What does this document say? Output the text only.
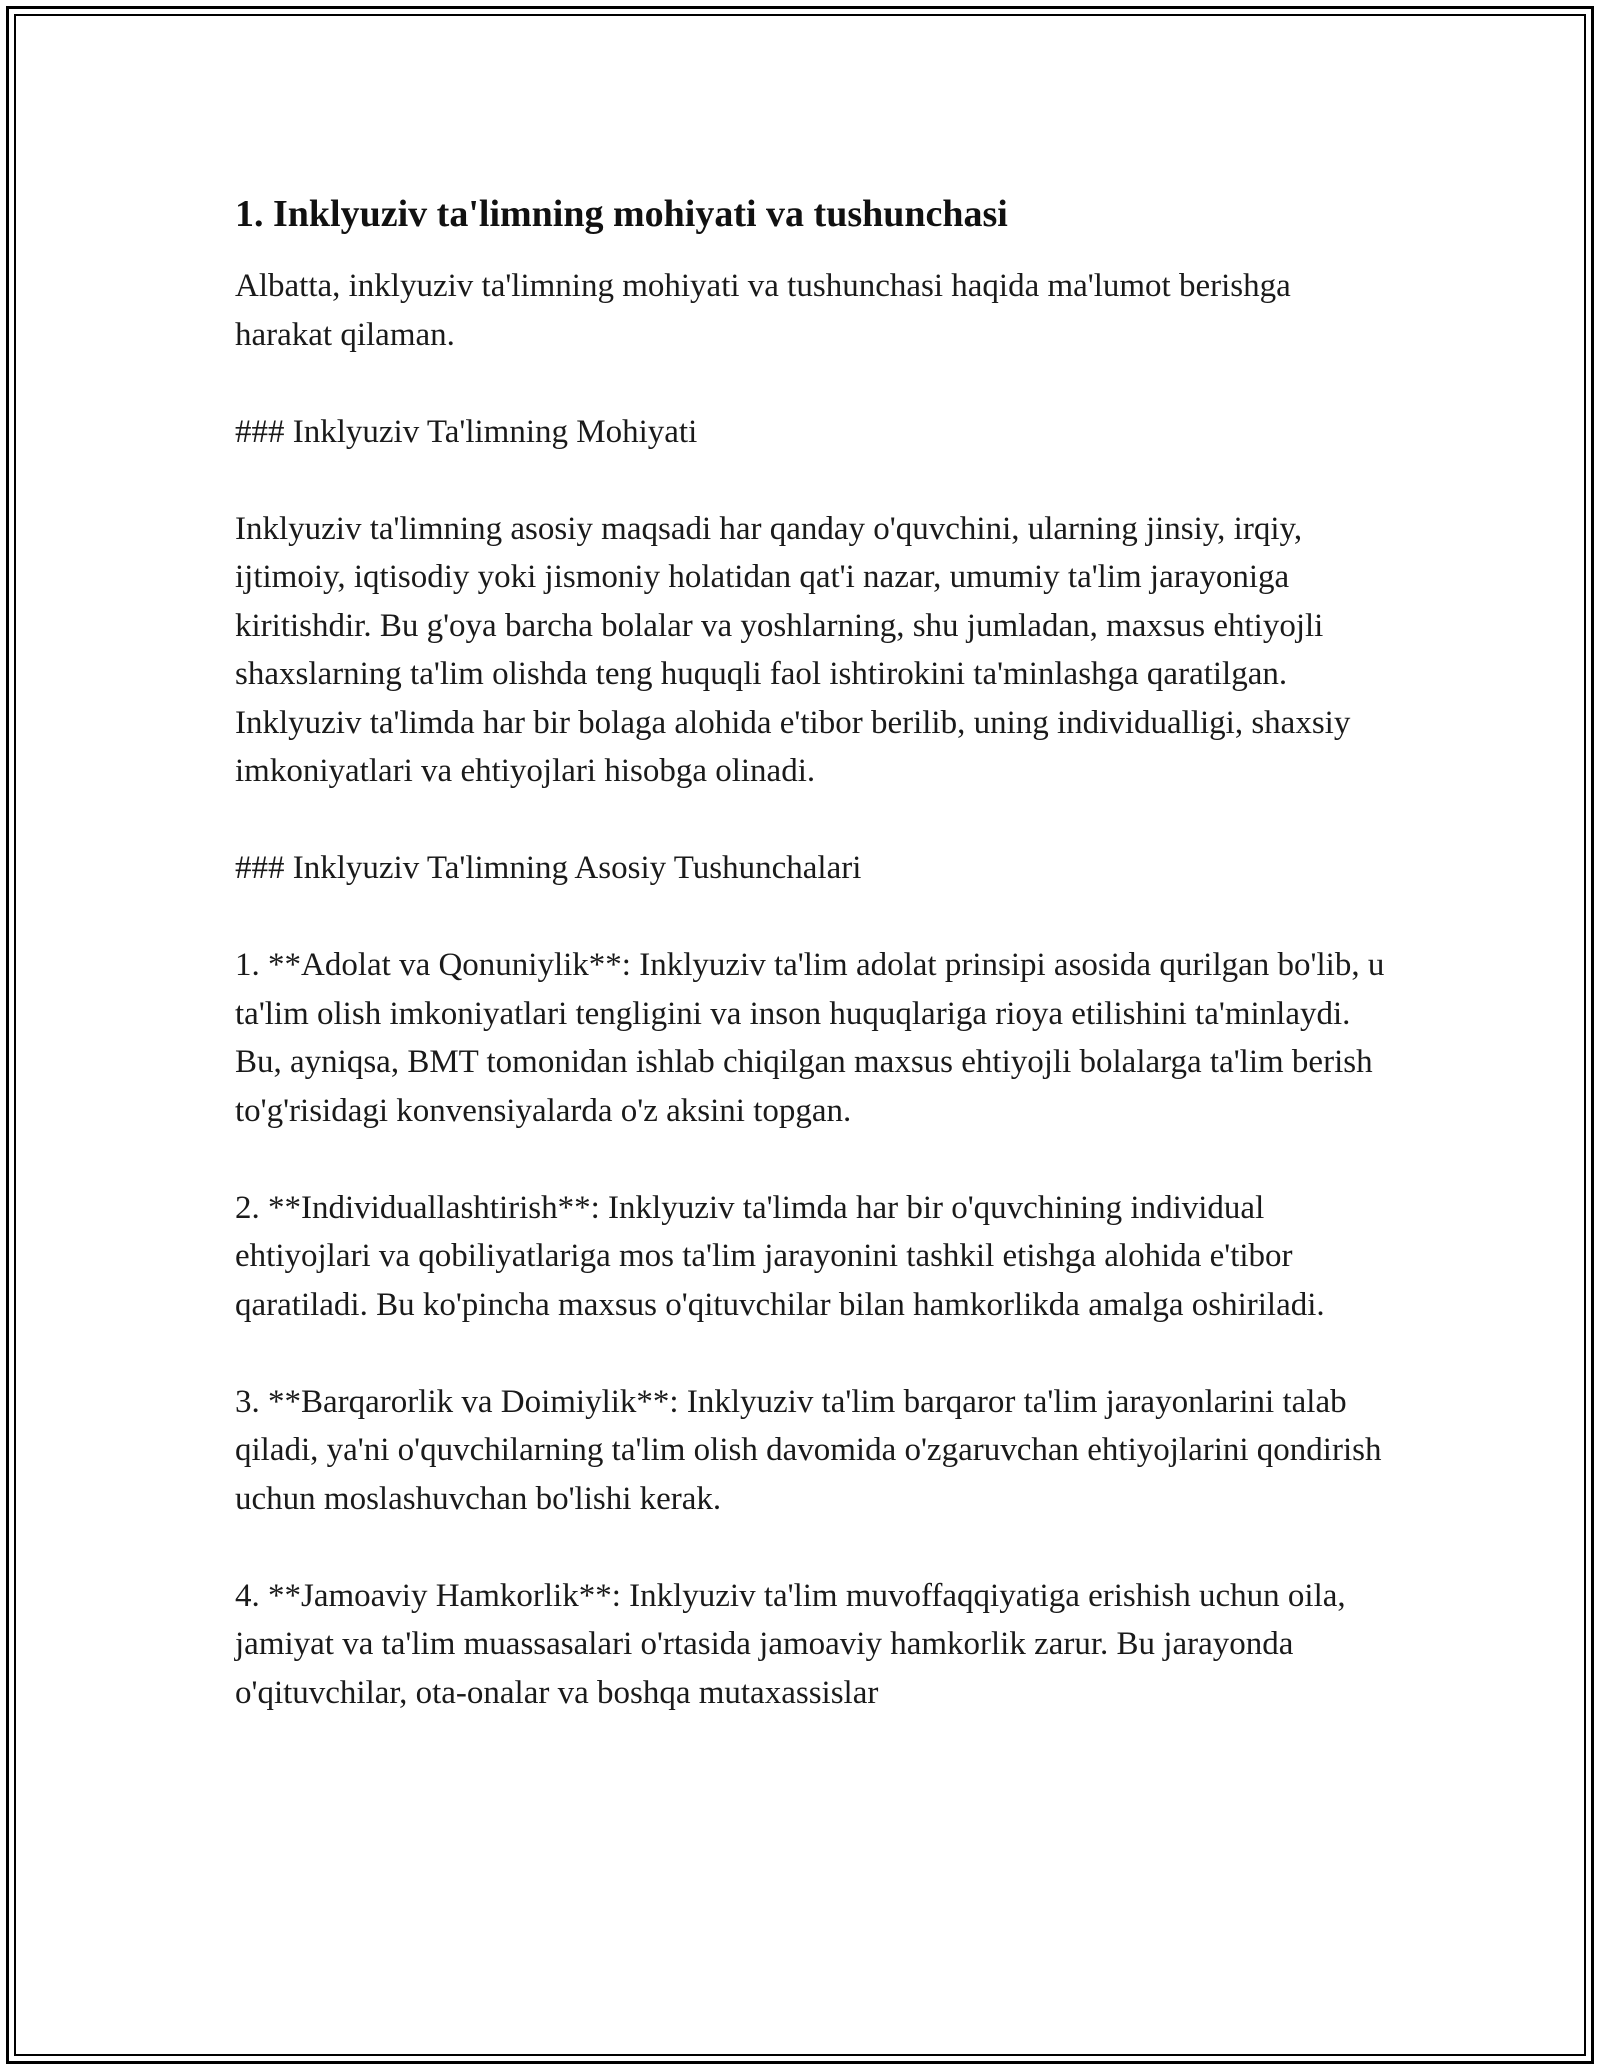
1. Inklyuziv ta'limning mohiyati va tushunchasi

Albatta, inklyuziv ta'limning mohiyati va tushunchasi haqida ma'lumot berishga harakat qilaman.

### Inklyuziv Ta'limning Mohiyati

Inklyuziv ta'limning asosiy maqsadi har qanday o'quvchini, ularning jinsiy, irqiy, ijtimoiy, iqtisodiy yoki jismoniy holatidan qat'i nazar, umumiy ta'lim jarayoniga kiritishdir. Bu g'oya barcha bolalar va yoshlarning, shu jumladan, maxsus ehtiyojli shaxslarning ta'lim olishda teng huquqli faol ishtirokini ta'minlashga qaratilgan. Inklyuziv ta'limda har bir bolaga alohida e'tibor berilib, uning individualligi, shaxsiy imkoniyatlari va ehtiyojlari hisobga olinadi.

### Inklyuziv Ta'limning Asosiy Tushunchalari

1. **Adolat va Qonuniylik**: Inklyuziv ta'lim adolat prinsipi asosida qurilgan bo'lib, u ta'lim olish imkoniyatlari tengligini va inson huquqlariga rioya etilishini ta'minlaydi. Bu, ayniqsa, BMT tomonidan ishlab chiqilgan maxsus ehtiyojli bolalarga ta'lim berish to'g'risidagi konvensiyalarda o'z aksini topgan.

2. **Individuallashtirish**: Inklyuziv ta'limda har bir o'quvchining individual ehtiyojlari va qobiliyatlariga mos ta'lim jarayonini tashkil etishga alohida e'tibor qaratiladi. Bu ko'pincha maxsus o'qituvchilar bilan hamkorlikda amalga oshiriladi.

3. **Barqarorlik va Doimiylik**: Inklyuziv ta'lim barqaror ta'lim jarayonlarini talab qiladi, ya'ni o'quvchilarning ta'lim olish davomida o'zgaruvchan ehtiyojlarini qondirish uchun moslashuvchan bo'lishi kerak.

4. **Jamoaviy Hamkorlik**: Inklyuziv ta'lim muvoffaqqiyatiga erishish uchun oila, jamiyat va ta'lim muassasalari o'rtasida jamoaviy hamkorlik zarur. Bu jarayonda o'qituvchilar, ota-onalar va boshqa mutaxassislar
